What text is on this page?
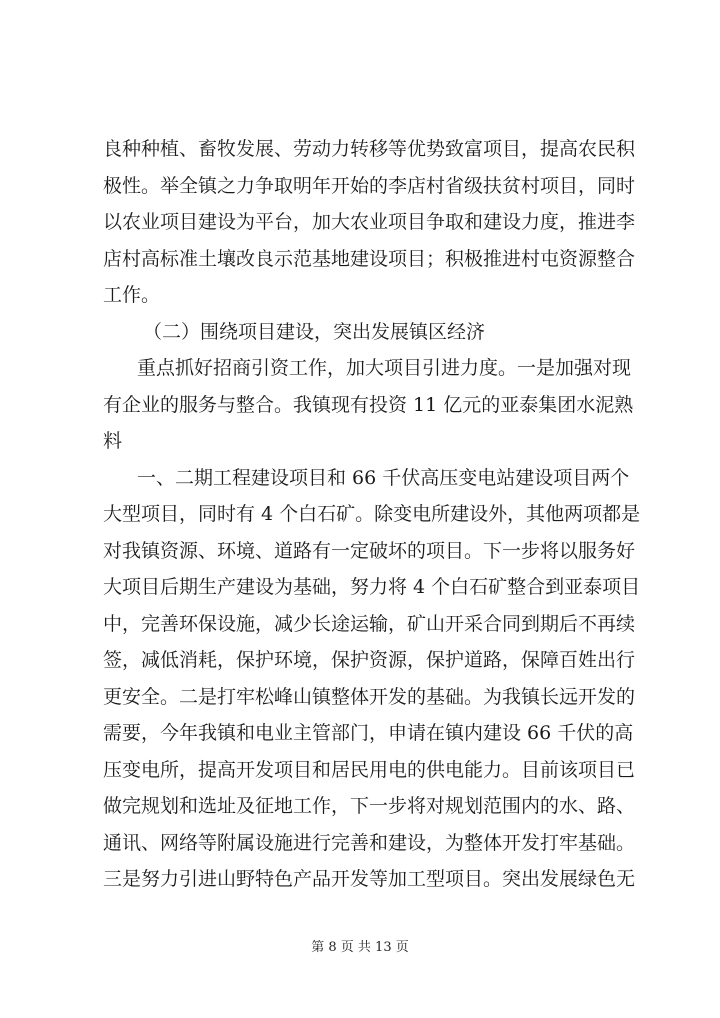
良种种植、畜牧发展、劳动力转移等优势致富项目，提高农民积
极性。举全镇之力争取明年开始的李店村省级扶贫村项目，同时
以农业项目建设为平台，加大农业项目争取和建设力度，推进李
店村高标准土壤改良示范基地建设项目；积极推进村屯资源整合
工作。
（二）围绕项目建设，突出发展镇区经济
重点抓好招商引资工作，加大项目引进力度。一是加强对现
有企业的服务与整合。我镇现有投资 11 亿元的亚泰集团水泥熟
料
一、二期工程建设项目和 66 千伏高压变电站建设项目两个
大型项目，同时有 4 个白石矿。除变电所建设外，其他两项都是
对我镇资源、环境、道路有一定破坏的项目。下一步将以服务好
大项目后期生产建设为基础，努力将 4 个白石矿整合到亚泰项目
中，完善环保设施，减少长途运输，矿山开采合同到期后不再续
签，减低消耗，保护环境，保护资源，保护道路，保障百姓出行
更安全。二是打牢松峰山镇整体开发的基础。为我镇长远开发的
需要，今年我镇和电业主管部门，申请在镇内建设 66 千伏的高
压变电所，提高开发项目和居民用电的供电能力。目前该项目已
做完规划和选址及征地工作，下一步将对规划范围内的水、路、
通讯、网络等附属设施进行完善和建设，为整体开发打牢基础。
三是努力引进山野特色产品开发等加工型项目。突出发展绿色无
第 8 页 共 13 页
